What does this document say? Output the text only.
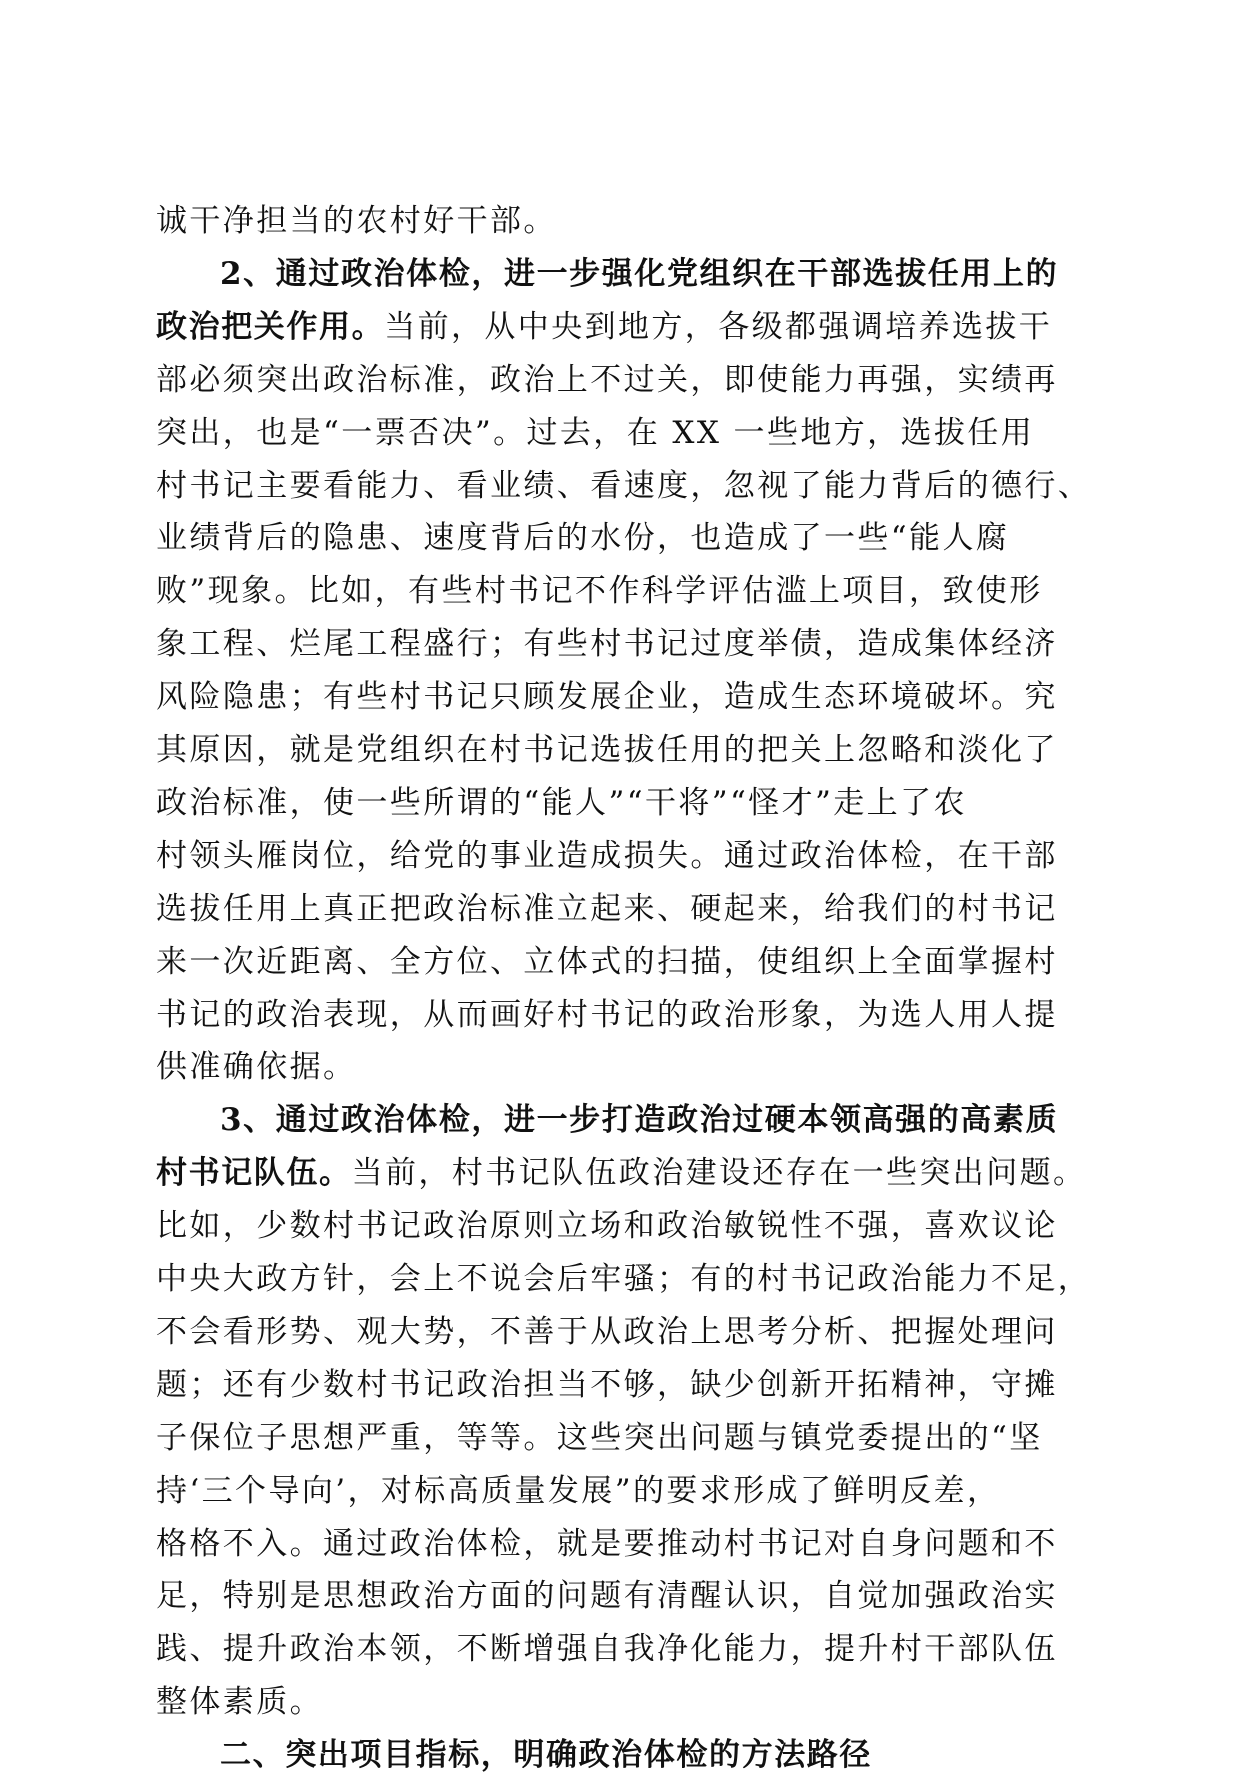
诚干净担当的农村好干部。
2、通过政治体检，进一步强化党组织在干部选拔任用上的
政治把关作用。当前，从中央到地方，各级都强调培养选拔干
部必须突出政治标准，政治上不过关，即使能力再强，实绩再
突出，也是“一票否决”。过去，在 XX 一些地方，选拔任用
村书记主要看能力、看业绩、看速度，忽视了能力背后的德行、
业绩背后的隐患、速度背后的水份，也造成了一些“能人腐
败”现象。比如，有些村书记不作科学评估滥上项目，致使形
象工程、烂尾工程盛行；有些村书记过度举债，造成集体经济
风险隐患；有些村书记只顾发展企业，造成生态环境破坏。究
其原因，就是党组织在村书记选拔任用的把关上忽略和淡化了
政治标准，使一些所谓的“能人”“干将”“怪才”走上了农
村领头雁岗位，给党的事业造成损失。通过政治体检，在干部
选拔任用上真正把政治标准立起来、硬起来，给我们的村书记
来一次近距离、全方位、立体式的扫描，使组织上全面掌握村
书记的政治表现，从而画好村书记的政治形象，为选人用人提
供准确依据。
3、通过政治体检，进一步打造政治过硬本领高强的高素质
村书记队伍。当前，村书记队伍政治建设还存在一些突出问题。
比如，少数村书记政治原则立场和政治敏锐性不强，喜欢议论
中央大政方针，会上不说会后牢骚；有的村书记政治能力不足，
不会看形势、观大势，不善于从政治上思考分析、把握处理问
题；还有少数村书记政治担当不够，缺少创新开拓精神，守摊
子保位子思想严重，等等。这些突出问题与镇党委提出的“坚
持‘三个导向’，对标高质量发展”的要求形成了鲜明反差，
格格不入。通过政治体检，就是要推动村书记对自身问题和不
足，特别是思想政治方面的问题有清醒认识，自觉加强政治实
践、提升政治本领，不断增强自我净化能力，提升村干部队伍
整体素质。
二、突出项目指标，明确政治体检的方法路径
